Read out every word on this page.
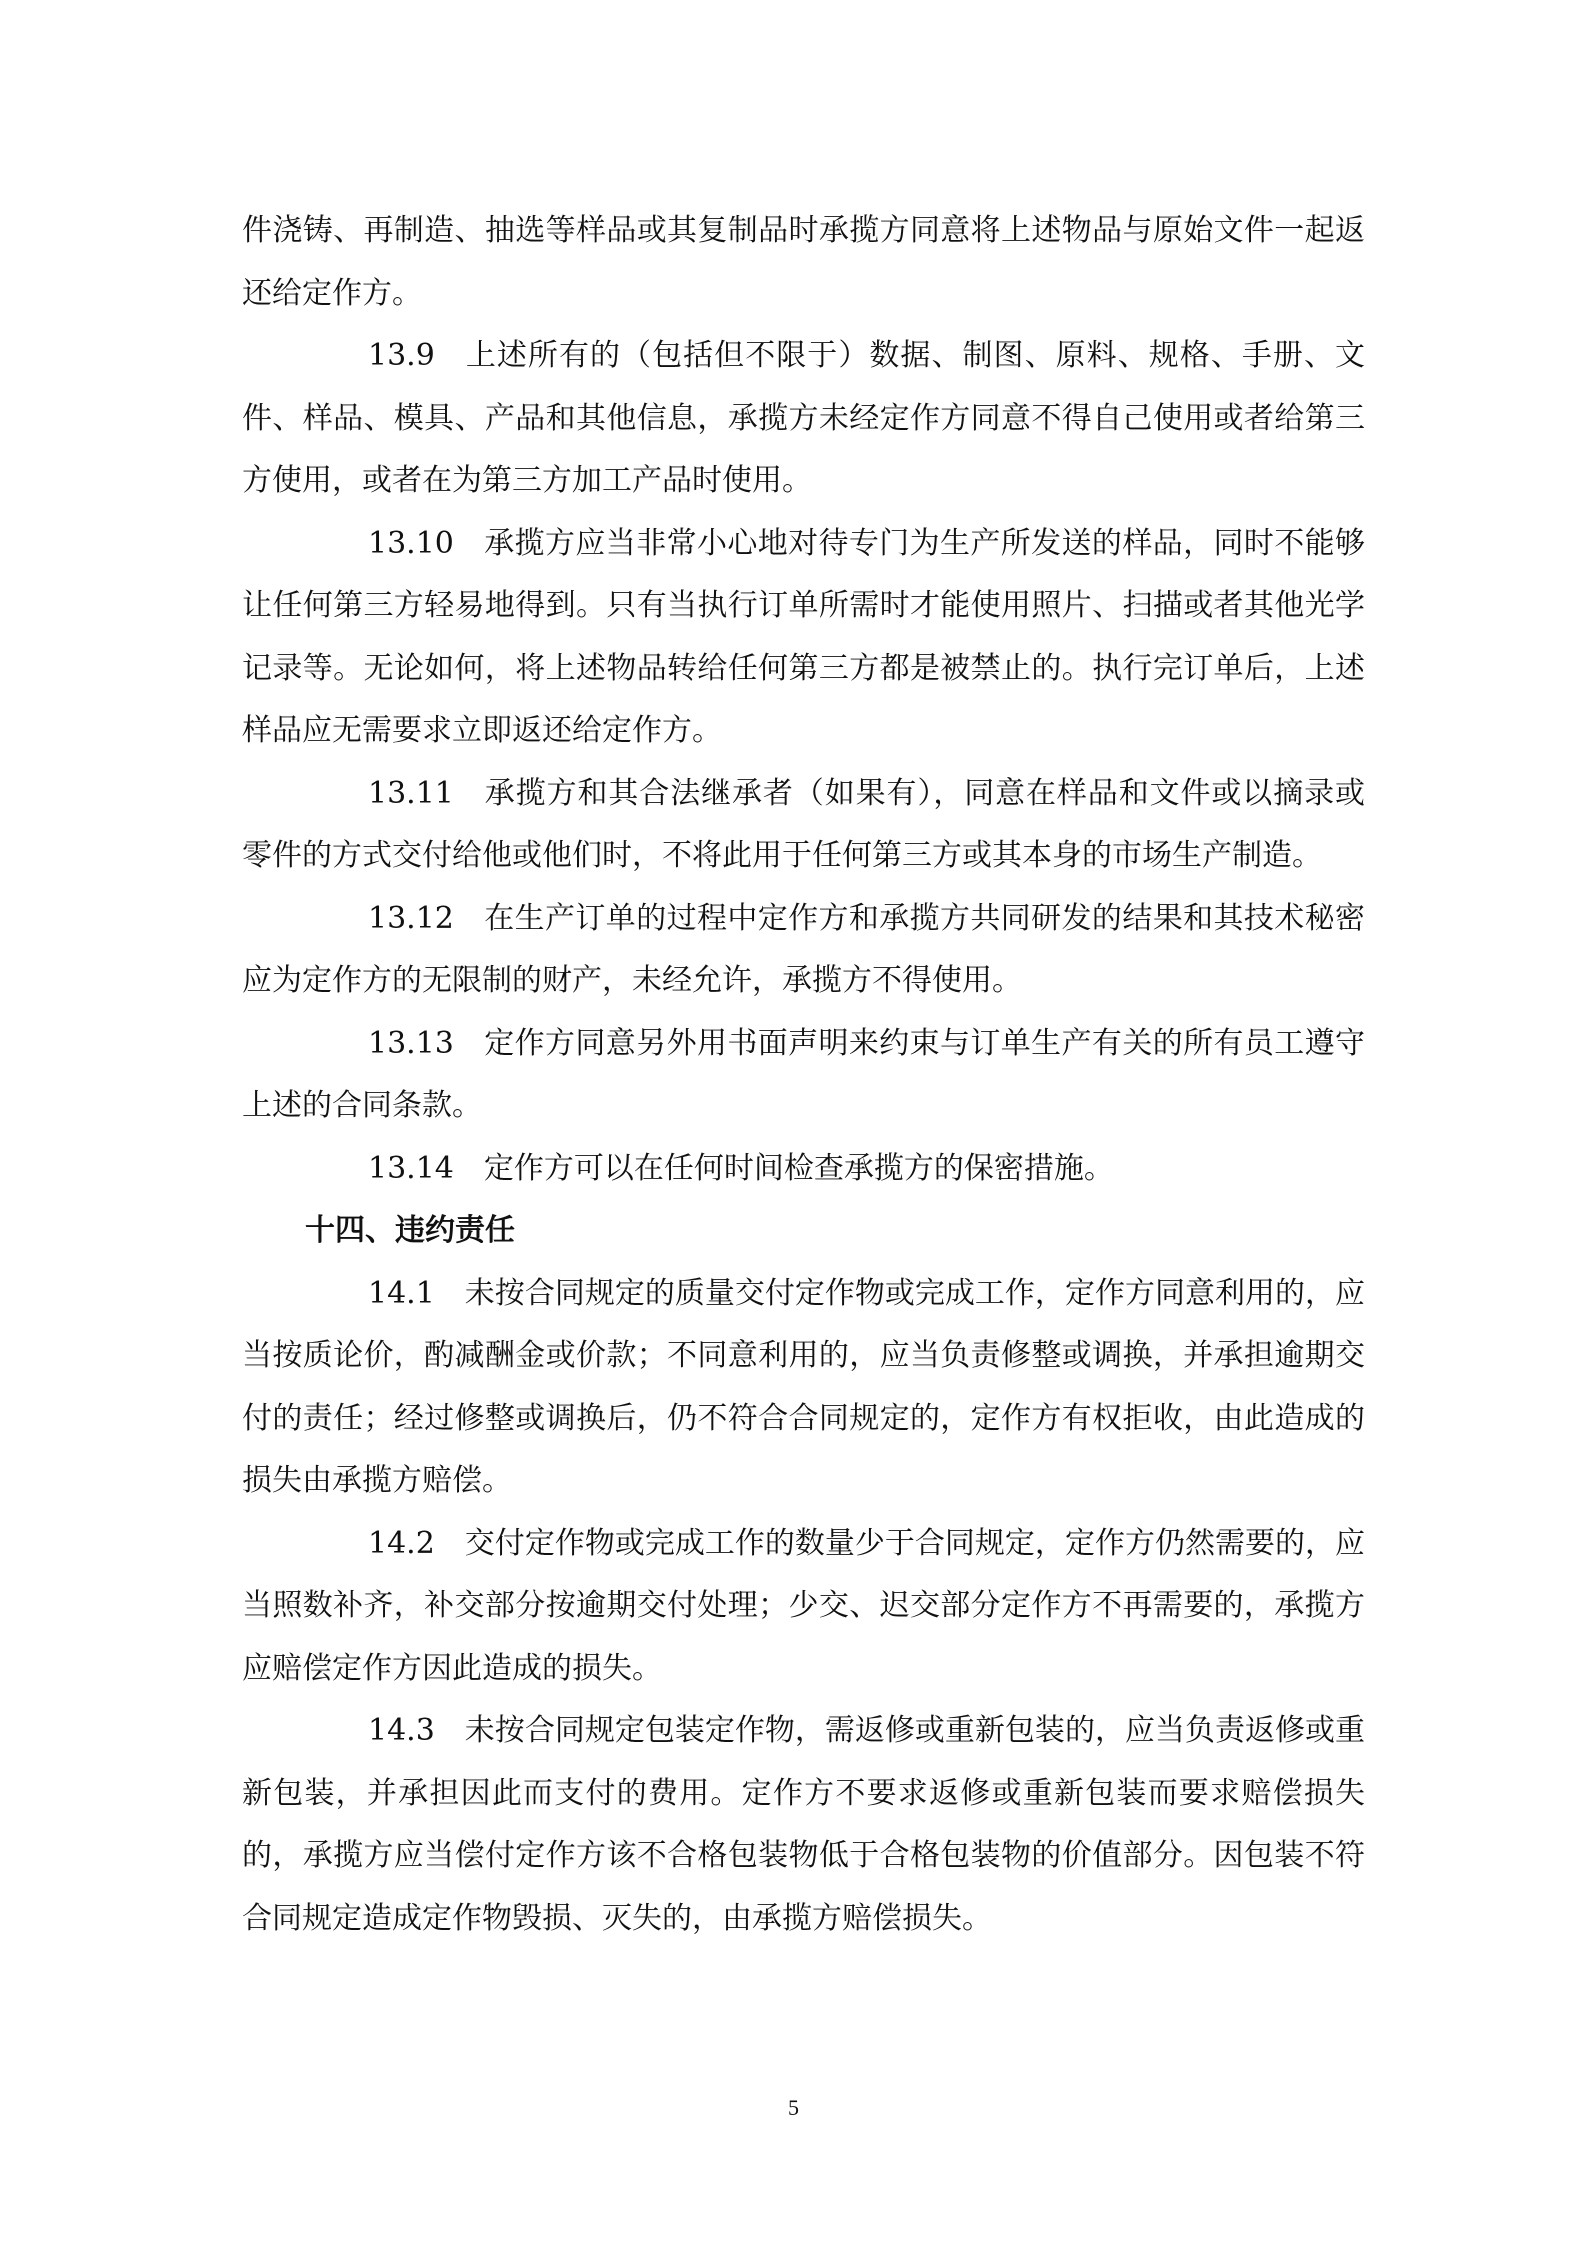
件浇铸、再制造、抽选等样品或其复制品时承揽方同意将上述物品与原始文件一起返还给定作方。

13.9 上述所有的（包括但不限于）数据、制图、原料、规格、手册、文件、样品、模具、产品和其他信息，承揽方未经定作方同意不得自己使用或者给第三方使用，或者在为第三方加工产品时使用。

13.10 承揽方应当非常小心地对待专门为生产所发送的样品，同时不能够让任何第三方轻易地得到。只有当执行订单所需时才能使用照片、扫描或者其他光学记录等。无论如何，将上述物品转给任何第三方都是被禁止的。执行完订单后，上述样品应无需要求立即返还给定作方。

13.11 承揽方和其合法继承者（如果有），同意在样品和文件或以摘录或零件的方式交付给他或他们时，不将此用于任何第三方或其本身的市场生产制造。

13.12 在生产订单的过程中定作方和承揽方共同研发的结果和其技术秘密应为定作方的无限制的财产，未经允许，承揽方不得使用。

13.13 定作方同意另外用书面声明来约束与订单生产有关的所有员工遵守上述的合同条款。

13.14 定作方可以在任何时间检查承揽方的保密措施。

十四、违约责任

14.1 未按合同规定的质量交付定作物或完成工作，定作方同意利用的，应当按质论价，酌减酬金或价款；不同意利用的，应当负责修整或调换，并承担逾期交付的责任；经过修整或调换后，仍不符合合同规定的，定作方有权拒收，由此造成的损失由承揽方赔偿。

14.2 交付定作物或完成工作的数量少于合同规定，定作方仍然需要的，应当照数补齐，补交部分按逾期交付处理；少交、迟交部分定作方不再需要的，承揽方应赔偿定作方因此造成的损失。

14.3 未按合同规定包装定作物，需返修或重新包装的，应当负责返修或重新包装，并承担因此而支付的费用。定作方不要求返修或重新包装而要求赔偿损失的，承揽方应当偿付定作方该不合格包装物低于合格包装物的价值部分。因包装不符合同规定造成定作物毁损、灭失的，由承揽方赔偿损失。

5
